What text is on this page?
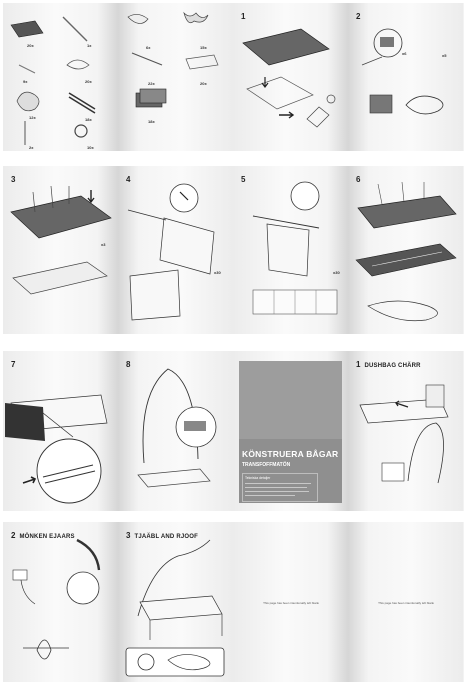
20x	1x
9x	20x
12x	18x
2x	10x
6x	15x
22x	20x
18x
1	2
x6	x5
3
x3
4
x30
5
x30
6
7	8
KÖNSTRUERA BÅGAR
TRANSFOFFMATÖN
Tekniska detaljer
1 DUSHBAG CHÄRR
2 MÖNKEN EJAARS	3 TJAÄBL AND RJOOF
This page has been intentionally left blank	This page has been intentionally left blank
